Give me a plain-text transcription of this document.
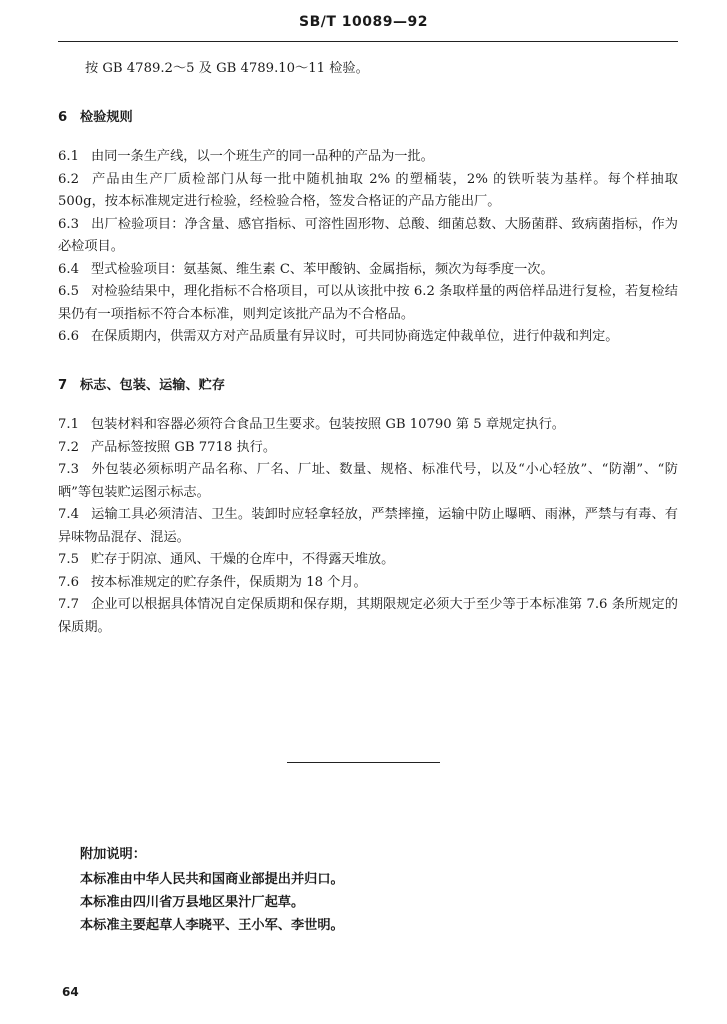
SB/T 10089—92

按 GB 4789.2～5 及 GB 4789.10～11 检验。

6 检验规则

6.1 由同一条生产线，以一个班生产的同一品种的产品为一批。

6.2 产品由生产厂质检部门从每一批中随机抽取 2% 的塑桶装，2% 的铁听装为基样。每个样抽取 500g，按本标准规定进行检验，经检验合格，签发合格证的产品方能出厂。

6.3 出厂检验项目：净含量、感官指标、可溶性固形物、总酸、细菌总数、大肠菌群、致病菌指标，作为必检项目。

6.4 型式检验项目：氨基氮、维生素 C、苯甲酸钠、金属指标，频次为每季度一次。

6.5 对检验结果中，理化指标不合格项目，可以从该批中按 6.2 条取样量的两倍样品进行复检，若复检结果仍有一项指标不符合本标准，则判定该批产品为不合格品。

6.6 在保质期内，供需双方对产品质量有异议时，可共同协商选定仲裁单位，进行仲裁和判定。

7 标志、包装、运输、贮存

7.1 包装材料和容器必须符合食品卫生要求。包装按照 GB 10790 第 5 章规定执行。

7.2 产品标签按照 GB 7718 执行。

7.3 外包装必须标明产品名称、厂名、厂址、数量、规格、标准代号，以及“小心轻放”、“防潮”、“防晒”等包装贮运图示标志。

7.4 运输工具必须清洁、卫生。装卸时应轻拿轻放，严禁摔撞，运输中防止曝晒、雨淋，严禁与有毒、有异味物品混存、混运。

7.5 贮存于阴凉、通风、干燥的仓库中，不得露天堆放。

7.6 按本标准规定的贮存条件，保质期为 18 个月。

7.7 企业可以根据具体情况自定保质期和保存期，其期限规定必须大于至少等于本标准第 7.6 条所规定的保质期。

附加说明：

本标准由中华人民共和国商业部提出并归口。

本标准由四川省万县地区果汁厂起草。

本标准主要起草人李晓平、王小军、李世明。

64
